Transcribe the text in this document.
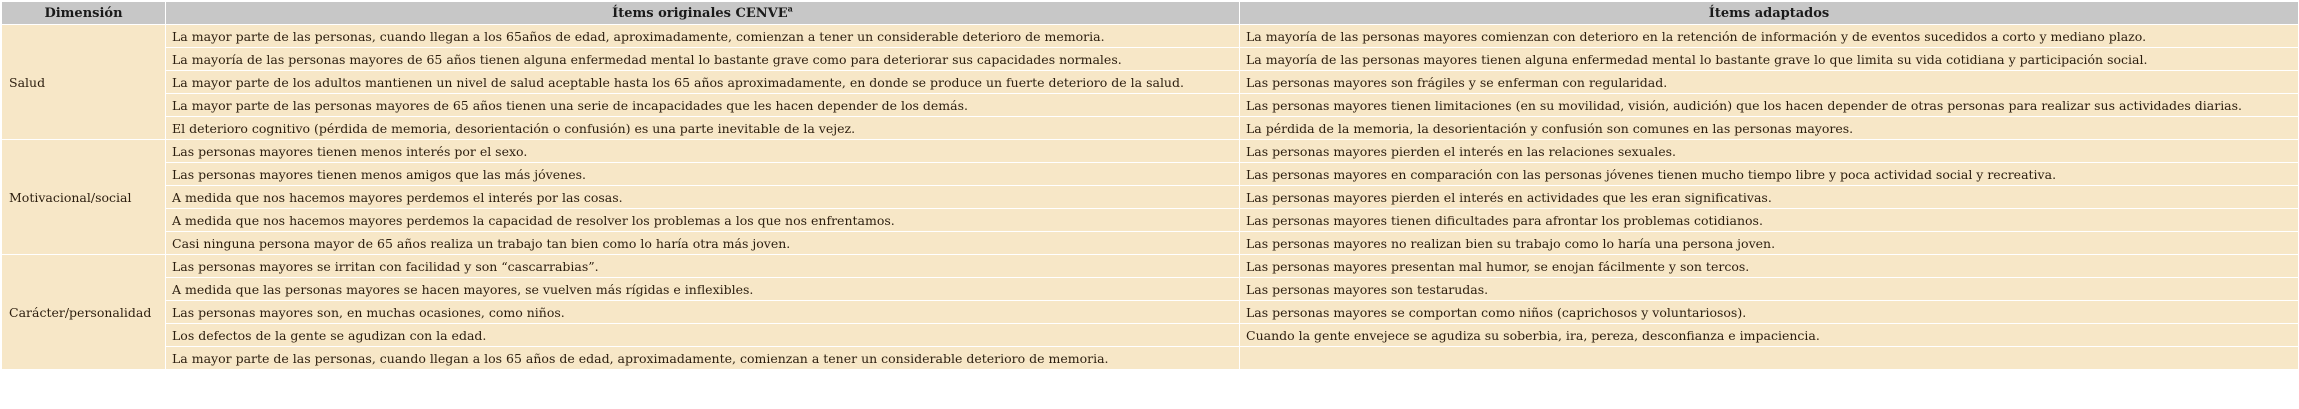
Dimensión	Ítems originales CENVE$^a$	Ítems adaptados
Salud	La mayor parte de las personas, cuando llegan a los 65años de edad, aproximadamente, comienzan a tener un considerable deterioro de memoria.	La mayoría de las personas mayores comienzan con deterioro en la retención de información y de eventos sucedidos a corto y mediano plazo.
	La mayoría de las personas mayores de 65 años tienen alguna enfermedad mental lo bastante grave como para deteriorar sus capacidades normales.	La mayoría de las personas mayores tienen alguna enfermedad mental lo bastante grave lo que limita su vida cotidiana y participación social.
	La mayor parte de los adultos mantienen un nivel de salud aceptable hasta los 65 años aproximadamente, en donde se produce un fuerte deterioro de la salud.	Las personas mayores son frágiles y se enferman con regularidad.
	La mayor parte de las personas mayores de 65 años tienen una serie de incapacidades que les hacen depender de los demás.	Las personas mayores tienen limitaciones (en su movilidad, visión, audición) que los hacen depender de otras personas para realizar sus actividades diarias.
	El deterioro cognitivo (pérdida de memoria, desorientación o confusión) es una parte inevitable de la vejez.	La pérdida de la memoria, la desorientación y confusión son comunes en las personas mayores.
Motivacional/social	Las personas mayores tienen menos interés por el sexo.	Las personas mayores pierden el interés en las relaciones sexuales.
	Las personas mayores tienen menos amigos que las más jóvenes.	Las personas mayores en comparación con las personas jóvenes tienen mucho tiempo libre y poca actividad social y recreativa.
	A medida que nos hacemos mayores perdemos el interés por las cosas.	Las personas mayores pierden el interés en actividades que les eran significativas.
	A medida que nos hacemos mayores perdemos la capacidad de resolver los problemas a los que nos enfrentamos.	Las personas mayores tienen dificultades para afrontar los problemas cotidianos.
	Casi ninguna persona mayor de 65 años realiza un trabajo tan bien como lo haría otra más joven.	Las personas mayores no realizan bien su trabajo como lo haría una persona joven.
Carácter/personalidad	Las personas mayores se irritan con facilidad y son “cascarrabias”.	Las personas mayores presentan mal humor, se enojan fácilmente y son tercos.
	A medida que las personas mayores se hacen mayores, se vuelven más rígidas e inflexibles.	Las personas mayores son testarudas.
	Las personas mayores son, en muchas ocasiones, como niños.	Las personas mayores se comportan como niños (caprichosos y voluntariosos).
	Los defectos de la gente se agudizan con la edad.	Cuando la gente envejece se agudiza su soberbia, ira, pereza, desconfianza e impaciencia.
	La mayor parte de las personas, cuando llegan a los 65 años de edad, aproximadamente, comienzan a tener un considerable deterioro de memoria.	
